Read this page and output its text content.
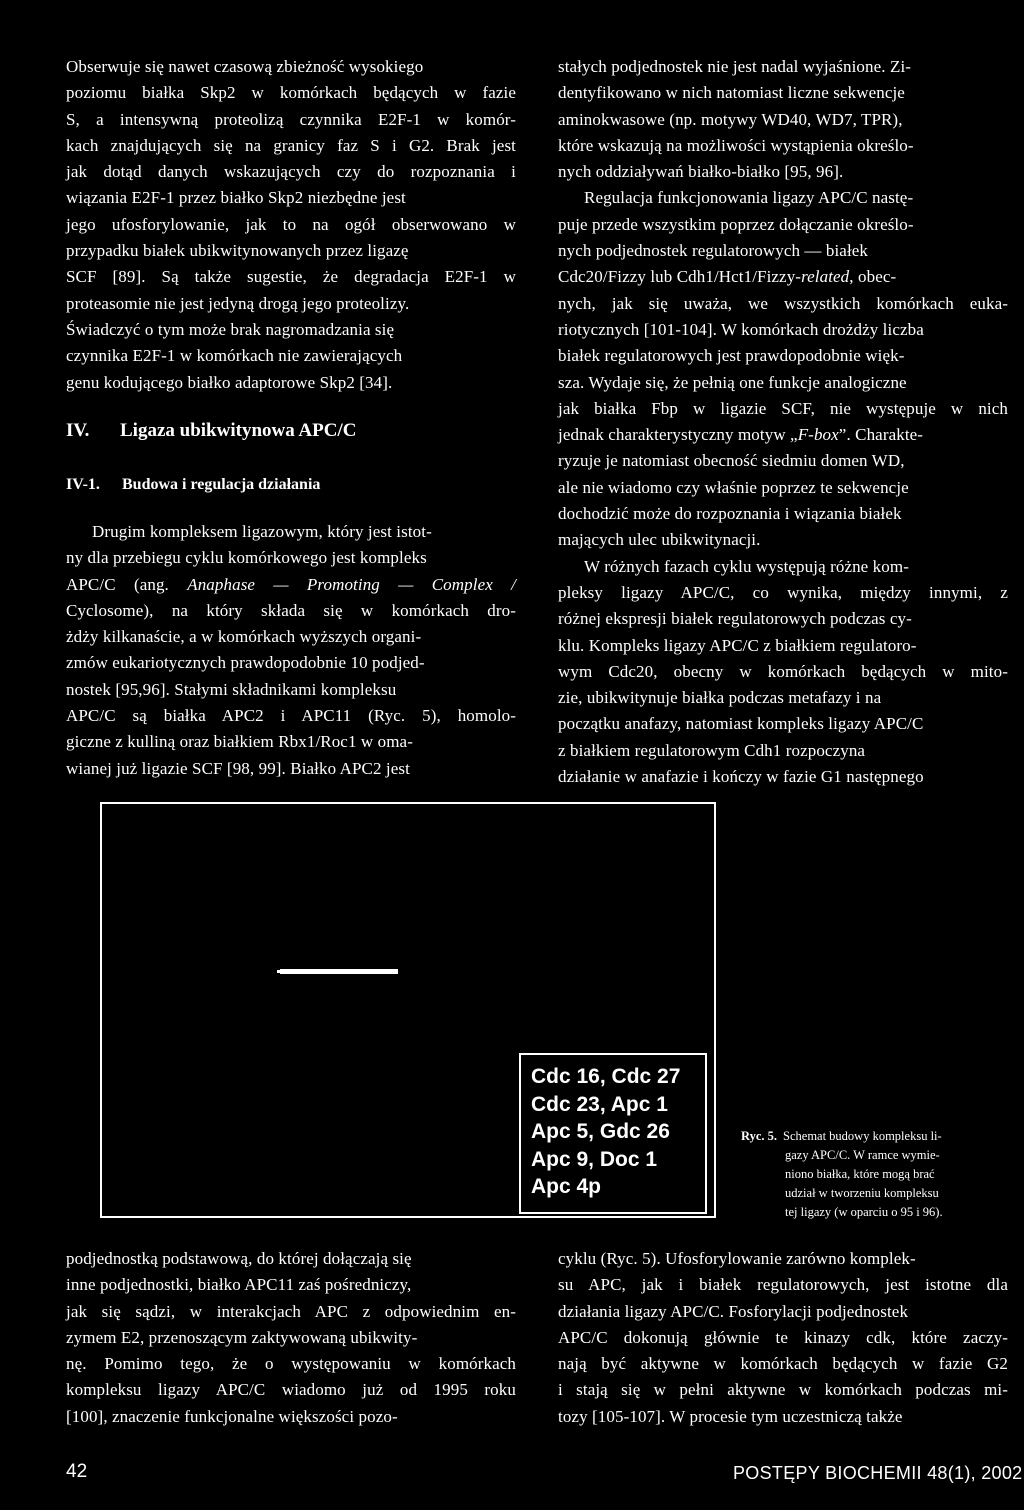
Obserwuje się nawet czasową zbieżność wysokiego
poziomu białka Skp2 w komórkach będących w fazie
S, a intensywną proteolizą czynnika E2F-1 w komór-
kach znajdujących się na granicy faz S i G2. Brak jest
jak dotąd danych wskazujących czy do rozpoznania i
wiązania E2F-1 przez białko Skp2 niezbędne jest
jego ufosforylowanie, jak to na ogół obserwowano w
przypadku białek ubikwitynowanych przez ligazę
SCF [89]. Są także sugestie, że degradacja E2F-1 w
proteasomie nie jest jedyną drogą jego proteolizy.
Świadczyć o tym może brak nagromadzania się
czynnika E2F-1 w komórkach nie zawierających
genu kodującego białko adaptorowe Skp2 [34].
IV. Ligaza ubikwitynowa APC/C
IV-1. Budowa i regulacja działania
Drugim kompleksem ligazowym, który jest istot-
ny dla przebiegu cyklu komórkowego jest kompleks
APC/C (ang. Anaphase — Promoting — Complex /
Cyclosome), na który składa się w komórkach dro-
żdży kilkanaście, a w komórkach wyższych organi-
zmów eukariotycznych prawdopodobnie 10 podjed-
nostek [95,96]. Stałymi składnikami kompleksu
APC/C są białka APC2 i APC11 (Ryc. 5), homolo-
giczne z kulliną oraz białkiem Rbx1/Roc1 w oma-
wianej już ligazie SCF [98, 99]. Białko APC2 jest
stałych podjednostek nie jest nadal wyjaśnione. Zi-
dentyfikowano w nich natomiast liczne sekwencje
aminokwasowe (np. motywy WD40, WD7, TPR),
które wskazują na możliwości wystąpienia określo-
nych oddziaływań białko-białko [95, 96].
Regulacja funkcjonowania ligazy APC/C nastę-
puje przede wszystkim poprzez dołączanie określo-
nych podjednostek regulatorowych — białek
Cdc20/Fizzy lub Cdh1/Hct1/Fizzy-related, obec-
nych, jak się uważa, we wszystkich komórkach euka-
riotycznych [101-104]. W komórkach drożdży liczba
białek regulatorowych jest prawdopodobnie więk-
sza. Wydaje się, że pełnią one funkcje analogiczne
jak białka Fbp w ligazie SCF, nie występuje w nich
jednak charakterystyczny motyw „F-box”. Charakte-
ryzuje je natomiast obecność siedmiu domen WD,
ale nie wiadomo czy właśnie poprzez te sekwencje
dochodzić może do rozpoznania i wiązania białek
mających ulec ubikwitynacji.
W różnych fazach cyklu występują różne kom-
pleksy ligazy APC/C, co wynika, między innymi, z
różnej ekspresji białek regulatorowych podczas cy-
klu. Kompleks ligazy APC/C z białkiem regulatoro-
wym Cdc20, obecny w komórkach będących w mito-
zie, ubikwitynuje białka podczas metafazy i na
początku anafazy, natomiast kompleks ligazy APC/C
z białkiem regulatorowym Cdh1 rozpoczyna
działanie w anafazie i kończy w fazie G1 następnego
Cdc 16, Cdc 27
Cdc 23, Apc 1
Apc 5, Gdc 26
Apc 9, Doc 1
Apc 4p
Ryc. 5. Schemat budowy kompleksu li-
gazy APC/C. W ramce wymie-
niono białka, które mogą brać
udział w tworzeniu kompleksu
tej ligazy (w oparciu o 95 i 96).
podjednostką podstawową, do której dołączają się
inne podjednostki, białko APC11 zaś pośredniczy,
jak się sądzi, w interakcjach APC z odpowiednim en-
zymem E2, przenoszącym zaktywowaną ubikwity-
nę. Pomimo tego, że o występowaniu w komórkach
kompleksu ligazy APC/C wiadomo już od 1995 roku
[100], znaczenie funkcjonalne większości pozo-
cyklu (Ryc. 5). Ufosforylowanie zarówno komplek-
su APC, jak i białek regulatorowych, jest istotne dla
działania ligazy APC/C. Fosforylacji podjednostek
APC/C dokonują głównie te kinazy cdk, które zaczy-
nają być aktywne w komórkach będących w fazie G2
i stają się w pełni aktywne w komórkach podczas mi-
tozy [105-107]. W procesie tym uczestniczą także
42	POSTĘPY BIOCHEMII 48(1), 2002
